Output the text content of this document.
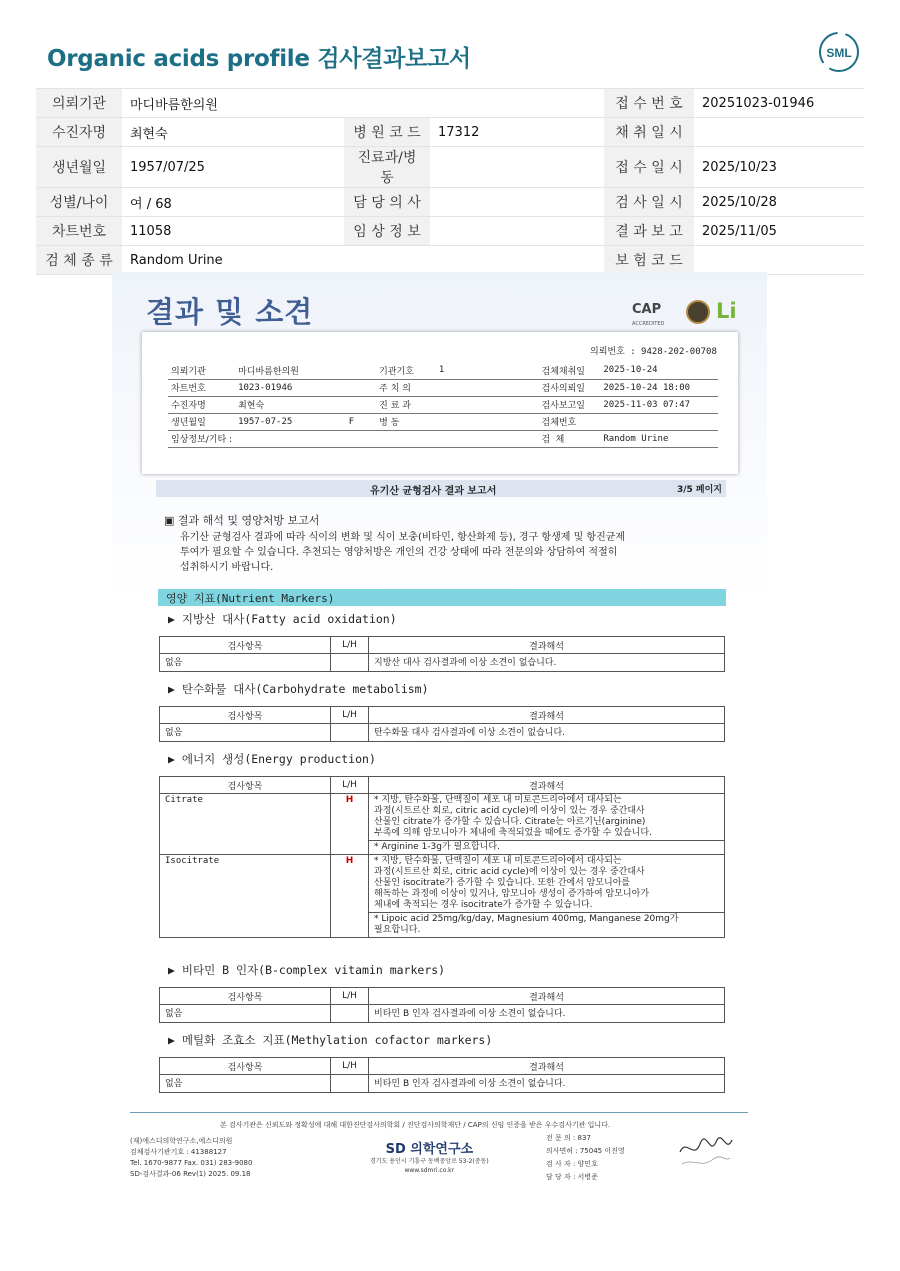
Organic acids profile 검사결과보고서	SML
의뢰기관	마디바름한의원			접 수 번 호	20251023-01946
수진자명	최현숙	병 원 코 드	17312	채 취 일 시	
생년월일	1957/07/25	진료과/병동		접 수 일 시	2025/10/23
성별/나이	여 / 68	담 당 의 사		검 사 일 시	2025/10/28
차트번호	11058	임 상 정 보		결 과 보 고	2025/11/05
검 체 종 류	Random Urine			보 험 코 드	
결과 및 소견	CAP
ACCREDITED
Li
의뢰번호 : 9428-202-00708
의뢰기관	마디바름한의원		기관기호	1	검체채취일	2025-10-24
차트번호	1023-01946		주 치 의		검사의뢰일	2025-10-24 18:00
수진자명	최현숙		진 료 과		검사보고일	2025-11-03 07:47
생년월일	1957-07-25	F	병 동		검체번호	
임상정보/기타 :					검 체	Random Urine
유기산 균형검사 결과 보고서	3/5 페이지
▣ 결과 해석 및 영양처방 보고서
유기산 균형검사 결과에 따라 식이의 변화 및 식이 보충(비타민, 항산화제 등), 경구 항생제 및 항진균제
투여가 필요할 수 있습니다. 추천되는 영양처방은 개인의 건강 상태에 따라 전문의와 상담하여 적절히
섭취하시기 바랍니다.
영양 지표(Nutrient Markers)
▶ 지방산 대사(Fatty acid oxidation)
검사항목	L/H	결과해석
없음		지방산 대사 검사결과에 이상 소견이 없습니다.
▶ 탄수화물 대사(Carbohydrate metabolism)
검사항목	L/H	결과해석
없음		탄수화물 대사 검사결과에 이상 소견이 없습니다.
▶ 에너지 생성(Energy production)
검사항목	L/H	결과해석
Citrate	H	* 지방, 탄수화물, 단백질이 세포 내 미토콘드리아에서 대사되는
과정(시트르산 회로, citric acid cycle)에 이상이 있는 경우 중간대사
산물인 citrate가 증가할 수 있습니다. Citrate는 아르기닌(arginine)
부족에 의해 암모니아가 체내에 축적되었을 때에도 증가할 수 있습니다.

		* Arginine 1-3g가 필요합니다.

Isocitrate	H	* 지방, 탄수화물, 단백질이 세포 내 미토콘드리아에서 대사되는
과정(시트르산 회로, citric acid cycle)에 이상이 있는 경우 중간대사
산물인 isocitrate가 증가할 수 있습니다. 또한 간에서 암모니아를
해독하는 과정에 이상이 있거나, 암모니아 생성이 증가하여 암모니아가
체내에 축적되는 경우 isocitrate가 증가할 수 있습니다.

		* Lipoic acid 25mg/kg/day, Magnesium 400mg, Manganese 20mg가
필요합니다.
▶ 비타민 B 인자(B-complex vitamin markers)
검사항목	L/H	결과해석
없음		비타민 B 인자 검사결과에 이상 소견이 없습니다.
▶ 메틸화 조효소 지표(Methylation cofactor markers)
검사항목	L/H	결과해석
없음		비타민 B 인자 검사결과에 이상 소견이 없습니다.
본 검사기관은 신뢰도와 정확성에 대해 대한진단검사의학회 / 진단검사의학재단 / CAP의 신임 인증을 받은 우수검사기관 입니다.
(재)에스디의학연구소,에스디의원
검체검사기관기호 : 41388127
Tel. 1670-9877 Fax. 031) 283-9080
SD-검사결과-06 Rev(1) 2025. 09.18
SD 의학연구소
경기도 용인시 기흥구 동백중앙로 53-2(중동)
www.sdmri.co.kr
전 문 의 : 837
의사면허 : 75045 이진영
검 사 자 : 양민호
담 당 자 : 서병준
